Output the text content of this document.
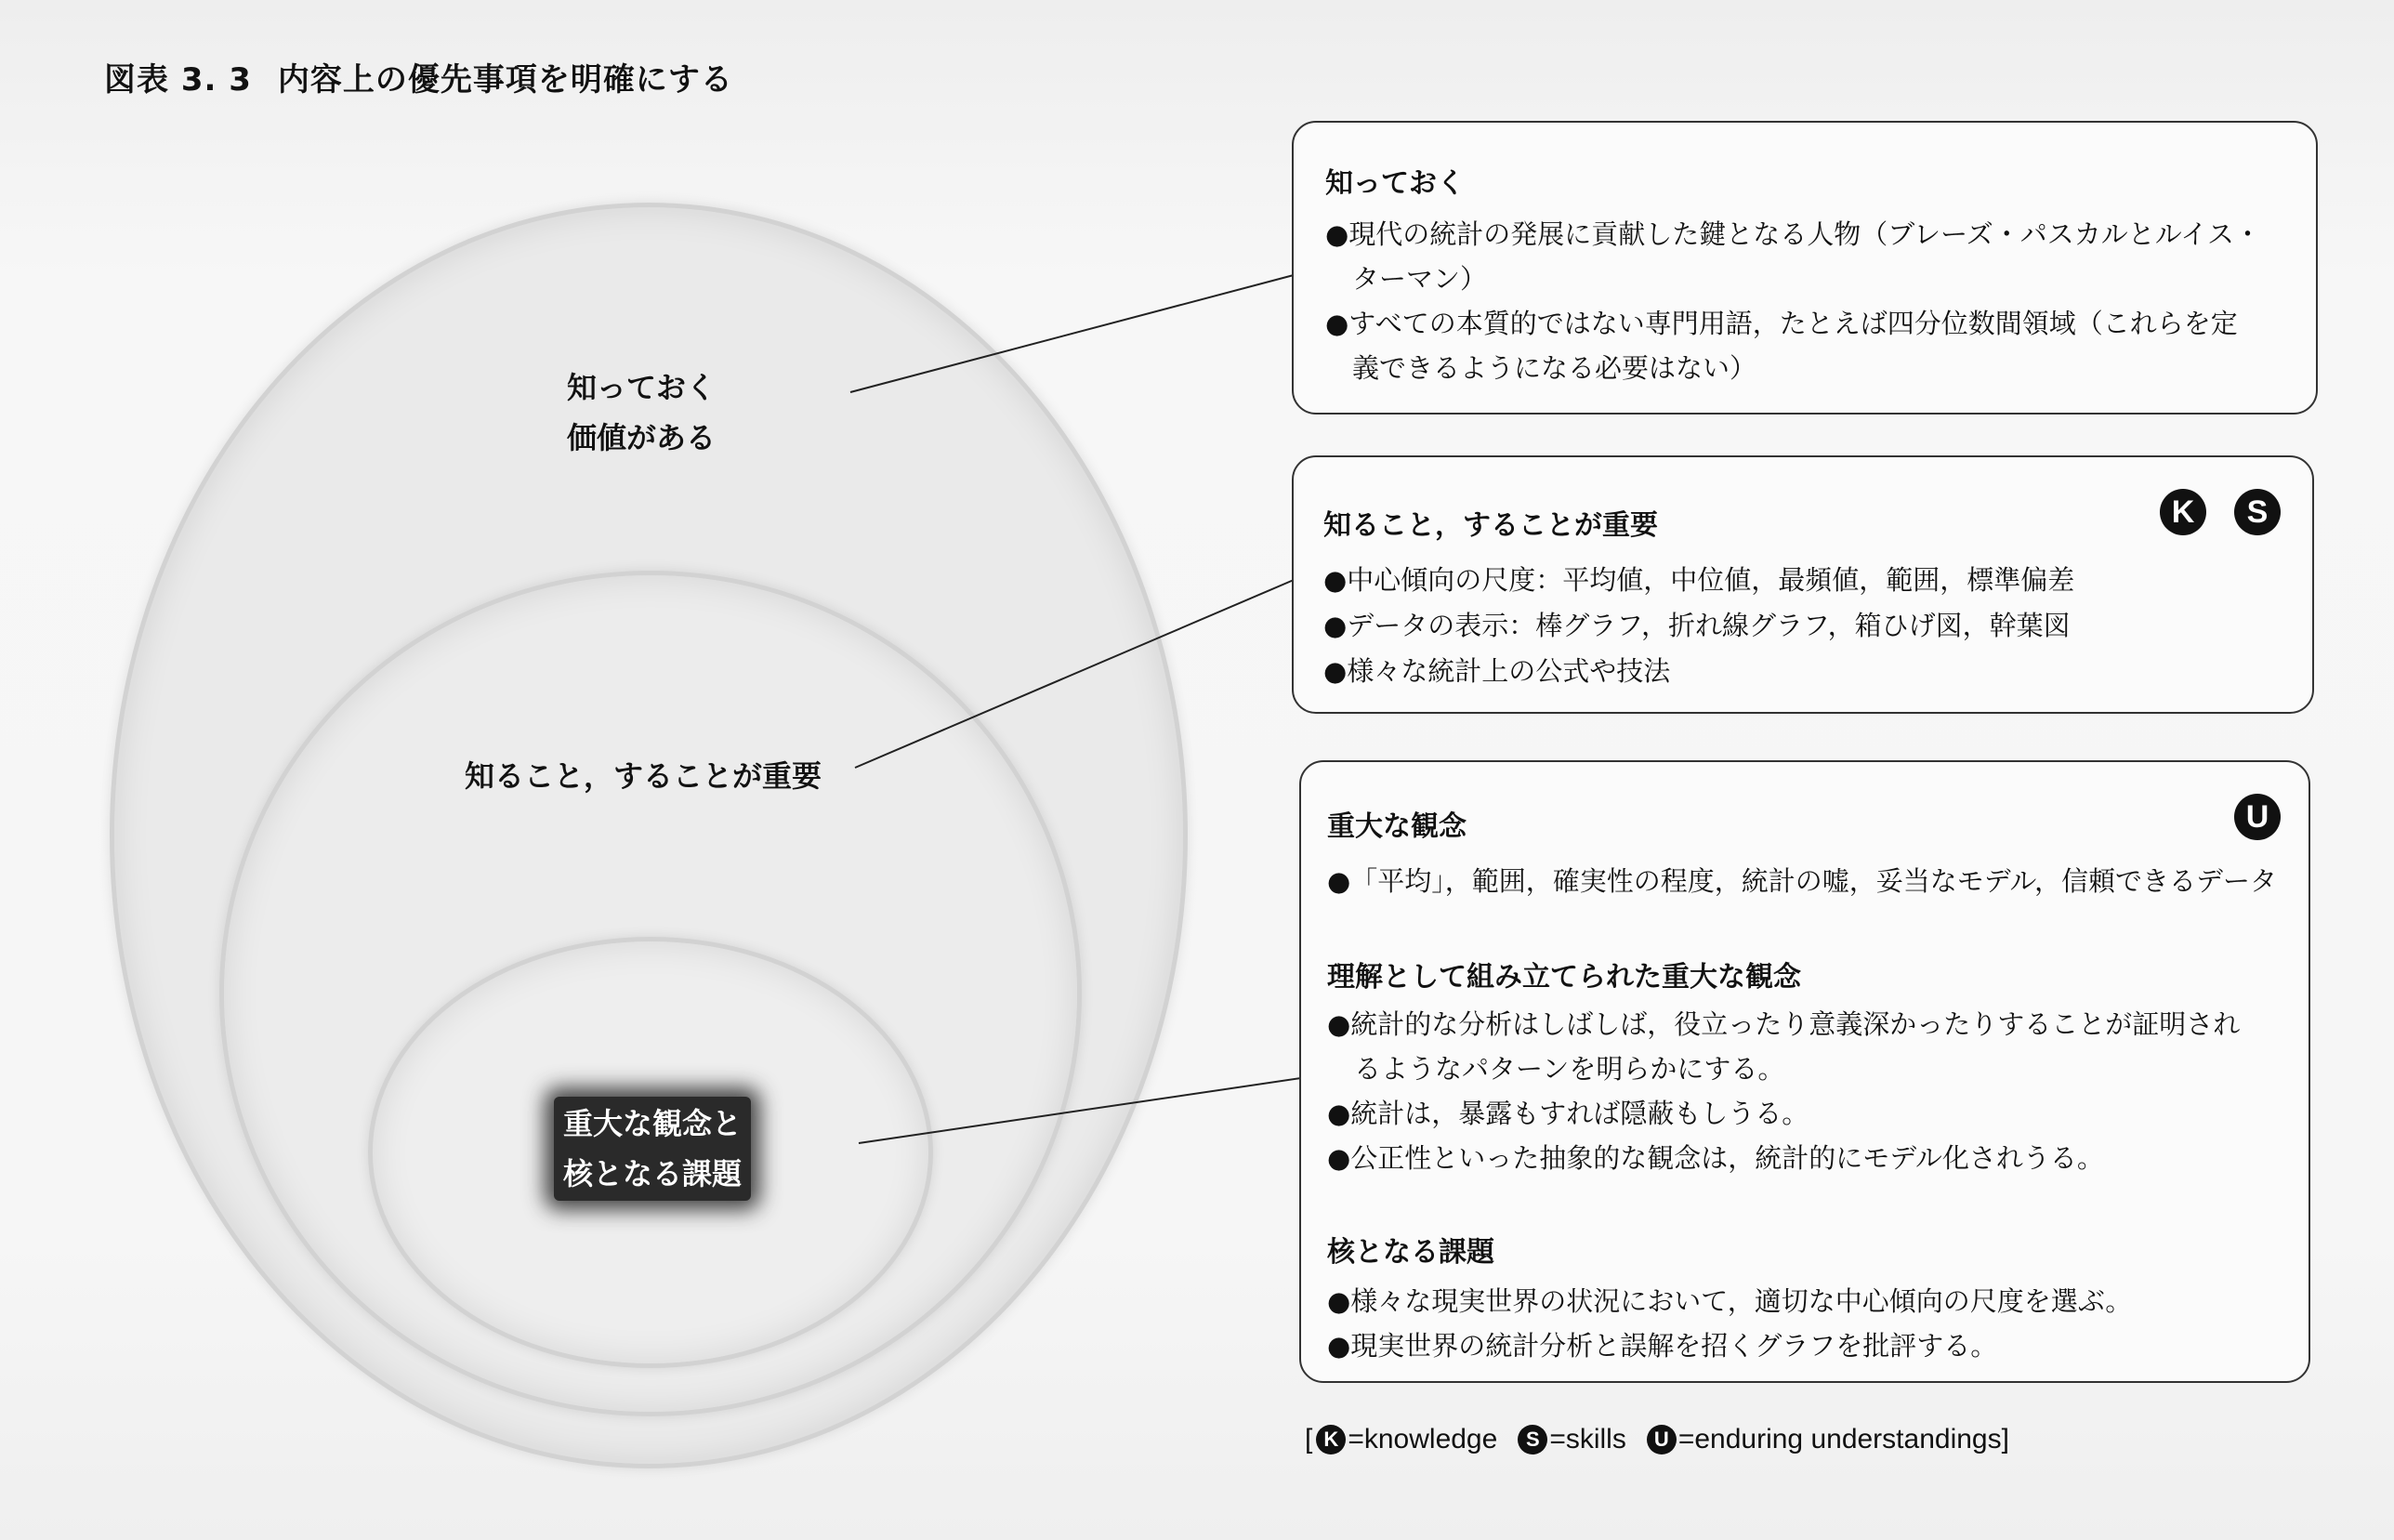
図表 3. 3 内容上の優先事項を明確にする
知っておく
価値がある
知ること，することが重要
重大な観念と
核となる課題
知っておく
●現代の統計の発展に貢献した鍵となる人物（ブレーズ・パスカルとルイス・
　ターマン）
●すべての本質的ではない専門用語，たとえば四分位数間領域（これらを定
　義できるようになる必要はない）
知ること，することが重要	K	S
●中心傾向の尺度：平均値，中位値，最頻値，範囲，標準偏差
●データの表示：棒グラフ，折れ線グラフ，箱ひげ図，幹葉図
●様々な統計上の公式や技法
U
重大な観念
●「平均」，範囲，確実性の程度，統計の嘘，妥当なモデル，信頼できるデータ
理解として組み立てられた重大な観念
●統計的な分析はしばしば，役立ったり意義深かったりすることが証明され
　るようなパターンを明らかにする。
●統計は，暴露もすれば隠蔽もしうる。
●公正性といった抽象的な観念は，統計的にモデル化されうる。
核となる課題
●様々な現実世界の状況において，適切な中心傾向の尺度を選ぶ。
●現実世界の統計分析と誤解を招くグラフを批評する。
[ K =knowledge	S =skills	U =enduring understandings]
